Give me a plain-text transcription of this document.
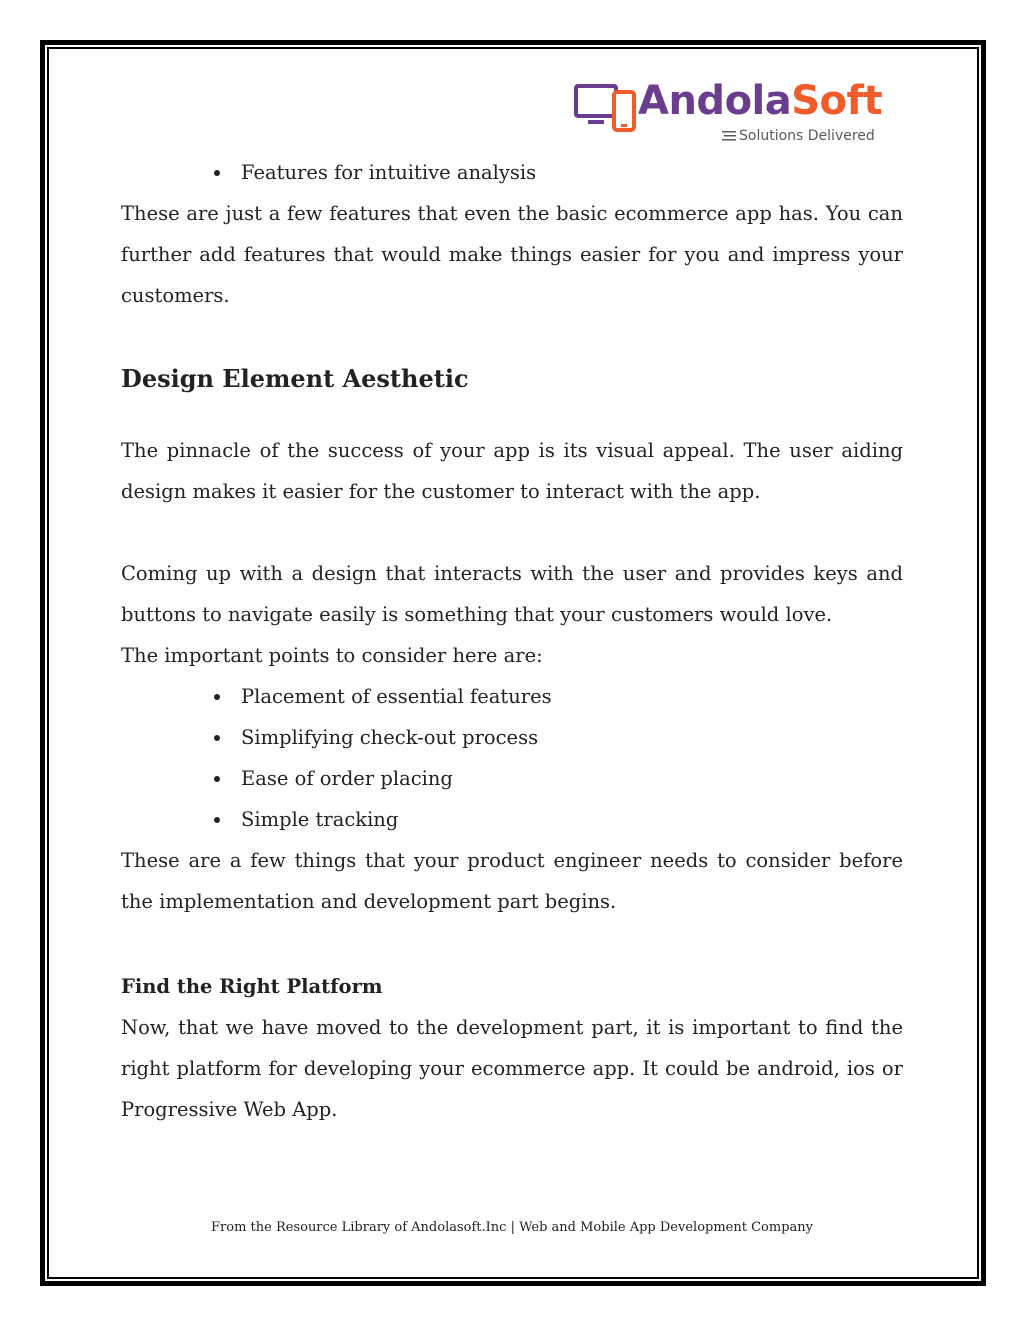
AndolaSoft
Solutions Delivered
Features for intuitive analysis

These are just a few features that even the basic ecommerce app has. You can further add features that would make things easier for you and impress your customers.

Design Element Aesthetic

The pinnacle of the success of your app is its visual appeal. The user aiding design makes it easier for the customer to interact with the app.

Coming up with a design that interacts with the user and provides keys and buttons to navigate easily is something that your customers would love.

The important points to consider here are:

Placement of essential features
Simplifying check-out process
Ease of order placing
Simple tracking

These are a few things that your product engineer needs to consider before the implementation and development part begins.

Find the Right Platform

Now, that we have moved to the development part, it is important to find the right platform for developing your ecommerce app. It could be android, ios or Progressive Web App.

From the Resource Library of Andolasoft.Inc | Web and Mobile App Development Company
